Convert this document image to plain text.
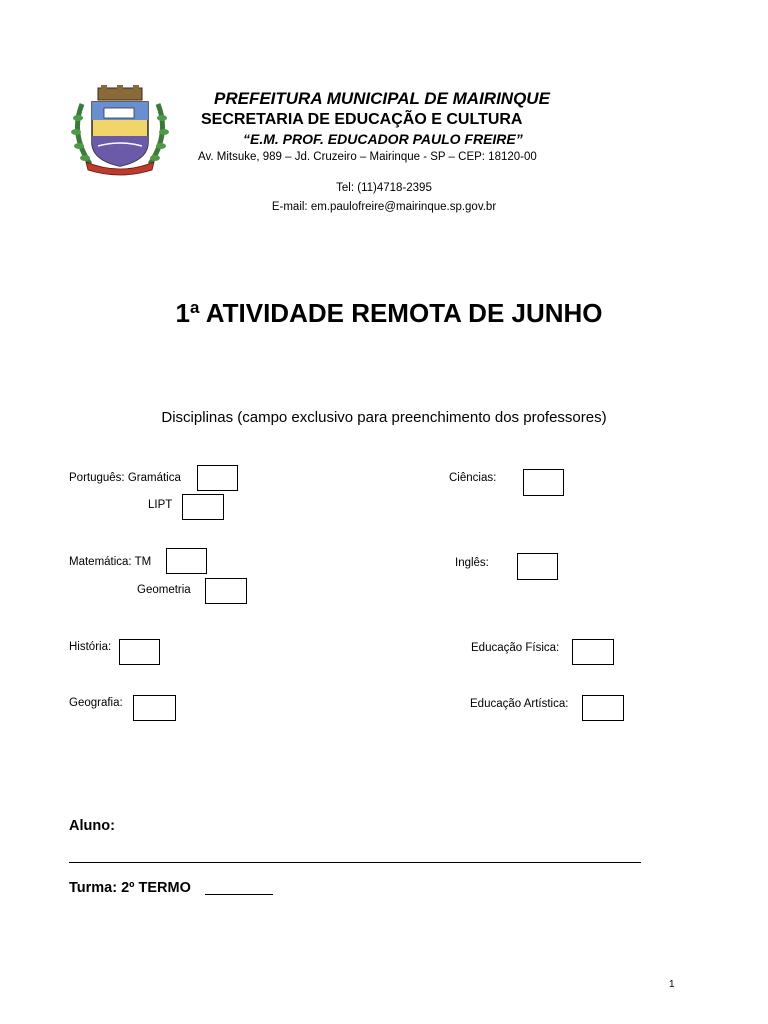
PREFEITURA MUNICIPAL DE MAIRINQUE
SECRETARIA DE EDUCAÇÃO E CULTURA
“E.M. PROF. EDUCADOR PAULO FREIRE”
Av. Mitsuke, 989 – Jd. Cruzeiro – Mairinque - SP – CEP: 18120-00
Tel: (11)4718-2395
E-mail: em.paulofreire@mairinque.sp.gov.br
1ª ATIVIDADE REMOTA DE JUNHO
Disciplinas (campo exclusivo para preenchimento dos professores)
Português: Gramática
LIPT
Matemática: TM
Geometria
História:
Geografia:
Ciências:
Inglês:
Educação Física:
Educação Artística:
Aluno:
Turma: 2º TERMO
1
